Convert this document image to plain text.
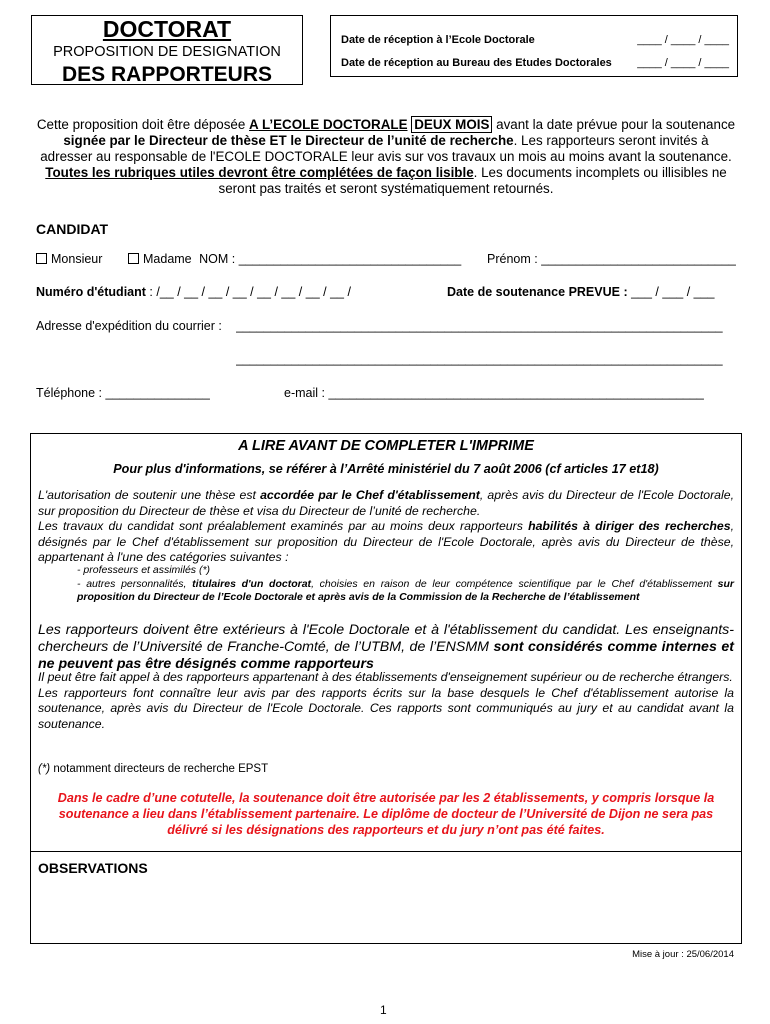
DOCTORAT
PROPOSITION DE DESIGNATION
DES RAPPORTEURS
Date de réception à l’Ecole Doctorale	____ / ____ / ____
Date de réception au Bureau des Etudes Doctorales ____ / ____ / ____
Cette proposition doit être déposée A L’ECOLE DOCTORALE DEUX MOIS avant la date prévue pour la soutenance signée par le Directeur de thèse ET le Directeur de l’unité de recherche. Les rapporteurs seront invités à adresser au responsable de l'ECOLE DOCTORALE leur avis sur vos travaux un mois au moins avant la soutenance. Toutes les rubriques utiles devront être complétées de façon lisible. Les documents incomplets ou illisibles ne seront pas traités et seront systématiquement retournés.
CANDIDAT
Monsieur	Madame NOM : ________________________________ Prénom : ____________________________
Numéro d'étudiant : /__ / __ / __ / __ / __ / __ / __ / __ /	Date de soutenance PREVUE : ___ / ___ / ___
Adresse d'expédition du courrier : ______________________________________________________________________
______________________________________________________________________
Téléphone : _______________	e-mail : ______________________________________________________
A LIRE AVANT DE COMPLETER L'IMPRIME
Pour plus d'informations, se référer à l’Arrêté ministériel du 7 août 2006 (cf articles 17 et18)
L'autorisation de soutenir une thèse est accordée par le Chef d'établissement, après avis du Directeur de l'Ecole Doctorale, sur proposition du Directeur de thèse et visa du Directeur de l’unité de recherche.
Les travaux du candidat sont préalablement examinés par au moins deux rapporteurs habilités à diriger des recherches, désignés par le Chef d'établissement sur proposition du Directeur de l'Ecole Doctorale, après avis du Directeur de thèse, appartenant à l'une des catégories suivantes :
- professeurs et assimilés (*)
- autres personnalités, titulaires d'un doctorat, choisies en raison de leur compétence scientifique par le Chef d'établissement sur proposition du Directeur de l’Ecole Doctorale et après avis de la Commission de la Recherche de l’établissement
Les rapporteurs doivent être extérieurs à l'Ecole Doctorale et à l'établissement du candidat. Les enseignants-chercheurs de l’Université de Franche-Comté, de l’UTBM, de l’ENSMM sont considérés comme internes et ne peuvent pas être désignés comme rapporteurs
Il peut être fait appel à des rapporteurs appartenant à des établissements d'enseignement supérieur ou de recherche étrangers.
Les rapporteurs font connaître leur avis par des rapports écrits sur la base desquels le Chef d'établissement autorise la soutenance, après avis du Directeur de l'Ecole Doctorale. Ces rapports sont communiqués au jury et au candidat avant la soutenance.
(*) notamment directeurs de recherche EPST
Dans le cadre d’une cotutelle, la soutenance doit être autorisée par les 2 établissements, y compris lorsque la soutenance a lieu dans l’établissement partenaire. Le diplôme de docteur de l’Université de Dijon ne sera pas délivré si les désignations des rapporteurs et du jury n’ont pas été faites.
OBSERVATIONS
Mise à jour : 25/06/2014
1
